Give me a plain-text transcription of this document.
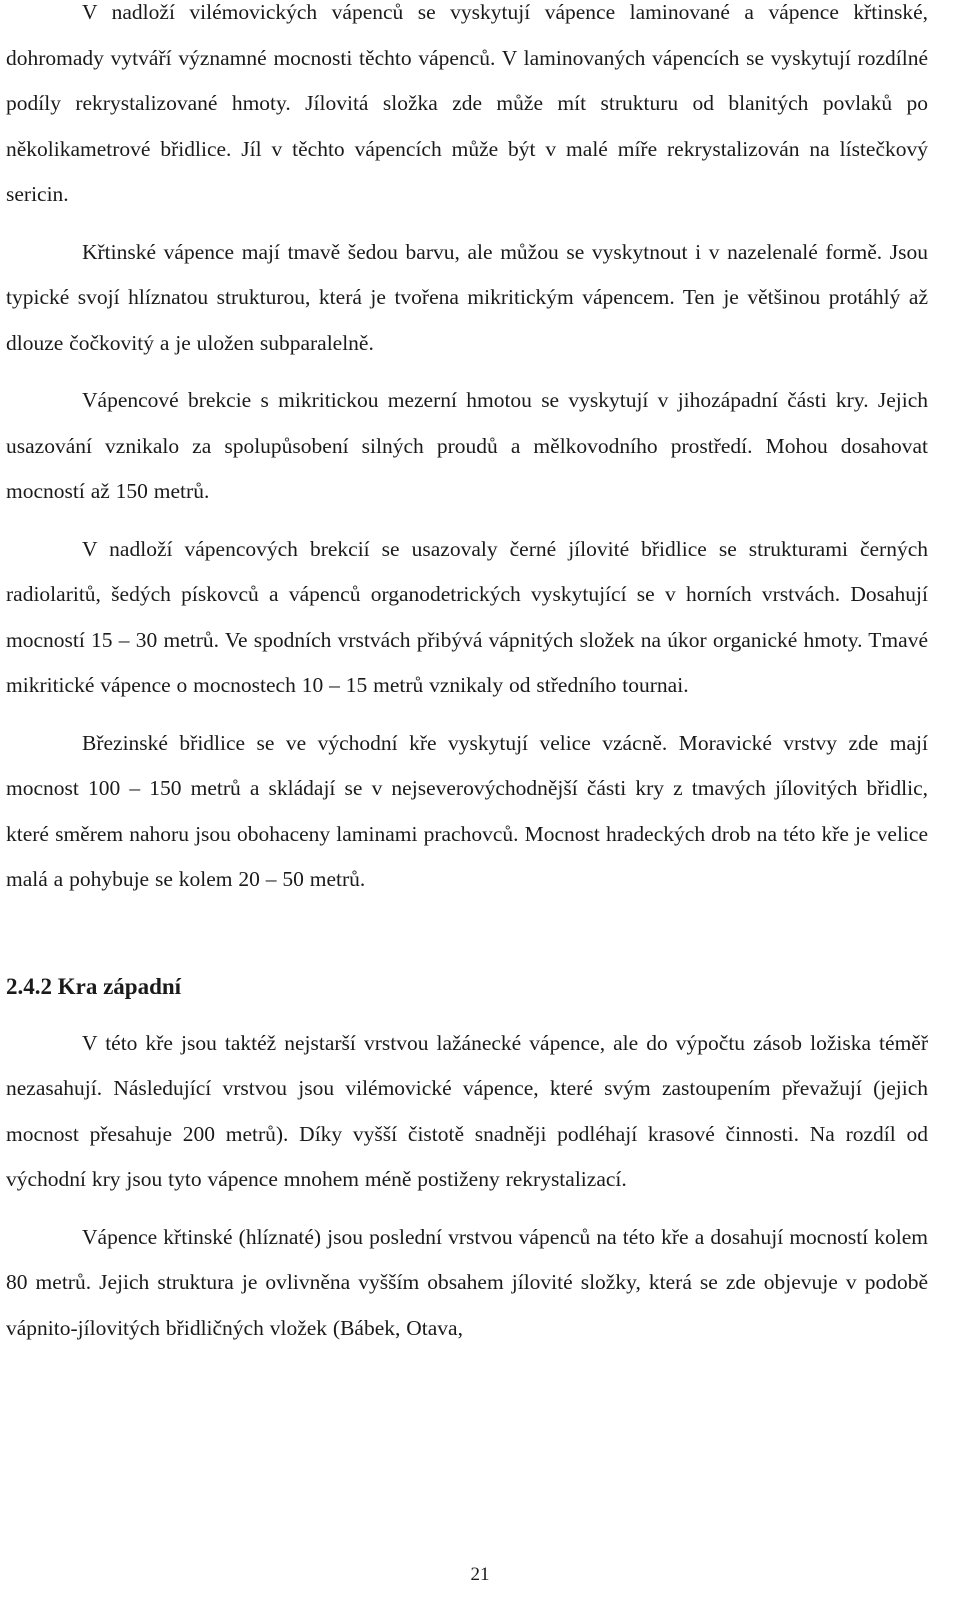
V nadloží vilémovických vápenců se vyskytují vápence laminované a vápence křtinské, dohromady vytváří významné mocnosti těchto vápenců. V laminovaných vápencích se vyskytují rozdílné podíly rekrystalizované hmoty. Jílovitá složka zde může mít strukturu od blanitých povlaků po několikametrové břidlice. Jíl v těchto vápencích může být v malé míře rekrystalizován na lístečkový sericin.

Křtinské vápence mají tmavě šedou barvu, ale můžou se vyskytnout i v nazelenalé formě. Jsou typické svojí hlíznatou strukturou, která je tvořena mikritickým vápencem. Ten je většinou protáhlý až dlouze čočkovitý a je uložen subparalelně.

Vápencové brekcie s mikritickou mezerní hmotou se vyskytují v jihozápadní části kry. Jejich usazování vznikalo za spolupůsobení silných proudů a mělkovodního prostředí. Mohou dosahovat mocností až 150 metrů.

V nadloží vápencových brekcií se usazovaly černé jílovité břidlice se strukturami černých radiolaritů, šedých pískovců a vápenců organodetrických vyskytující se v horních vrstvách. Dosahují mocností 15 – 30 metrů. Ve spodních vrstvách přibývá vápnitých složek na úkor organické hmoty. Tmavé mikritické vápence o mocnostech 10 – 15 metrů vznikaly od středního tournai.

Březinské břidlice se ve východní kře vyskytují velice vzácně. Moravické vrstvy zde mají mocnost 100 – 150 metrů a skládají se v nejseverovýchodnější části kry z tmavých jílovitých břidlic, které směrem nahoru jsou obohaceny laminami prachovců. Mocnost hradeckých drob na této kře je velice malá a pohybuje se kolem 20 – 50 metrů.

2.4.2 Kra západní

V této kře jsou taktéž nejstarší vrstvou lažánecké vápence, ale do výpočtu zásob ložiska téměř nezasahují. Následující vrstvou jsou vilémovické vápence, které svým zastoupením převažují (jejich mocnost přesahuje 200 metrů). Díky vyšší čistotě snadněji podléhají krasové činnosti. Na rozdíl od východní kry jsou tyto vápence mnohem méně postiženy rekrystalizací.

Vápence křtinské (hlíznaté) jsou poslední vrstvou vápenců na této kře a dosahují mocností kolem 80 metrů. Jejich struktura je ovlivněna vyšším obsahem jílovité složky, která se zde objevuje v podobě vápnito-jílovitých břidličných vložek (Bábek, Otava,

21
